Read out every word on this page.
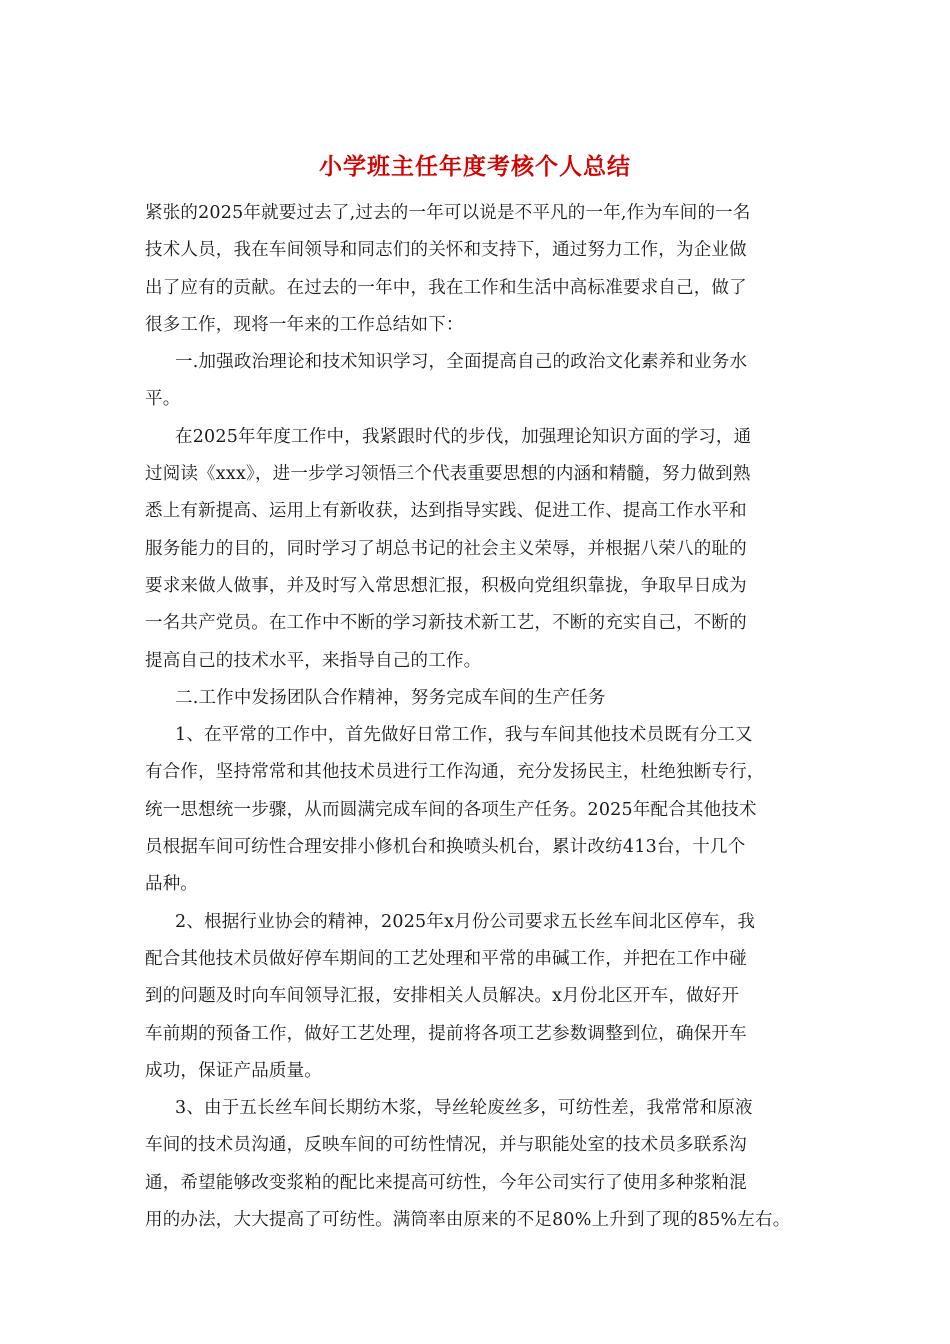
小学班主任年度考核个人总结
紧张的2025年就要过去了,过去的一年可以说是不平凡的一年,作为车间的一名
技术人员，我在车间领导和同志们的关怀和支持下，通过努力工作，为企业做
出了应有的贡献。在过去的一年中，我在工作和生活中高标准要求自己，做了
很多工作，现将一年来的工作总结如下：
一.加强政治理论和技术知识学习，全面提高自己的政治文化素养和业务水
平。
在2025年年度工作中，我紧跟时代的步伐，加强理论知识方面的学习，通
过阅读《xxx》，进一步学习领悟三个代表重要思想的内涵和精髓，努力做到熟
悉上有新提高、运用上有新收获，达到指导实践、促进工作、提高工作水平和
服务能力的目的，同时学习了胡总书记的社会主义荣辱，并根据八荣八的耻的
要求来做人做事，并及时写入常思想汇报，积极向党组织靠拢，争取早日成为
一名共产党员。在工作中不断的学习新技术新工艺，不断的充实自己，不断的
提高自己的技术水平，来指导自己的工作。
二.工作中发扬团队合作精神，努务完成车间的生产任务
1、在平常的工作中，首先做好日常工作，我与车间其他技术员既有分工又
有合作，坚持常常和其他技术员进行工作沟通，充分发扬民主，杜绝独断专行，
统一思想统一步骤，从而圆满完成车间的各项生产任务。2025年配合其他技术
员根据车间可纺性合理安排小修机台和换喷头机台，累计改纺413台，十几个
品种。
2、根据行业协会的精神，2025年x月份公司要求五长丝车间北区停车，我
配合其他技术员做好停车期间的工艺处理和平常的串碱工作，并把在工作中碰
到的问题及时向车间领导汇报，安排相关人员解决。x月份北区开车，做好开
车前期的预备工作，做好工艺处理，提前将各项工艺参数调整到位，确保开车
成功，保证产品质量。
3、由于五长丝车间长期纺木浆，导丝轮废丝多，可纺性差，我常常和原液
车间的技术员沟通，反映车间的可纺性情况，并与职能处室的技术员多联系沟
通，希望能够改变浆粕的配比来提高可纺性，今年公司实行了使用多种浆粕混
用的办法，大大提高了可纺性。满筒率由原来的不足80%上升到了现的85%左右。
